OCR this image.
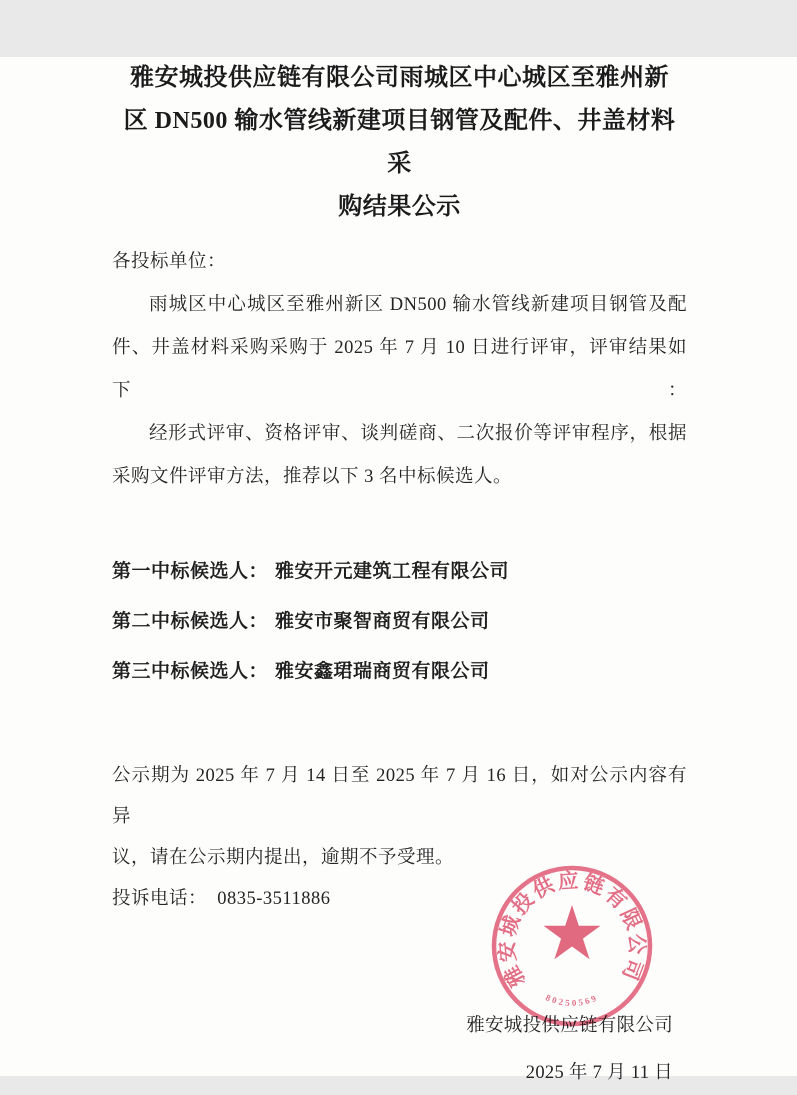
雅安城投供应链有限公司雨城区中心城区至雅州新
区 DN500 输水管线新建项目钢管及配件、井盖材料采
购结果公示
各投标单位：
雨城区中心城区至雅州新区 DN500 输水管线新建项目钢管及配
件、井盖材料采购采购于 2025 年 7 月 10 日进行评审，评审结果如下：
经形式评审、资格评审、谈判磋商、二次报价等评审程序，根据
采购文件评审方法，推荐以下 3 名中标候选人。
第一中标候选人： 雅安开元建筑工程有限公司
第二中标候选人： 雅安市聚智商贸有限公司
第三中标候选人： 雅安鑫珺瑞商贸有限公司
公示期为 2025 年 7 月 14 日至 2025 年 7 月 16 日，如对公示内容有异
议，请在公示期内提出，逾期不予受理。
投诉电话：  0835-3511886
雅安城投供应链有限公司
2025 年 7 月 11 日
雅安城投供应链有限公司
80250569
